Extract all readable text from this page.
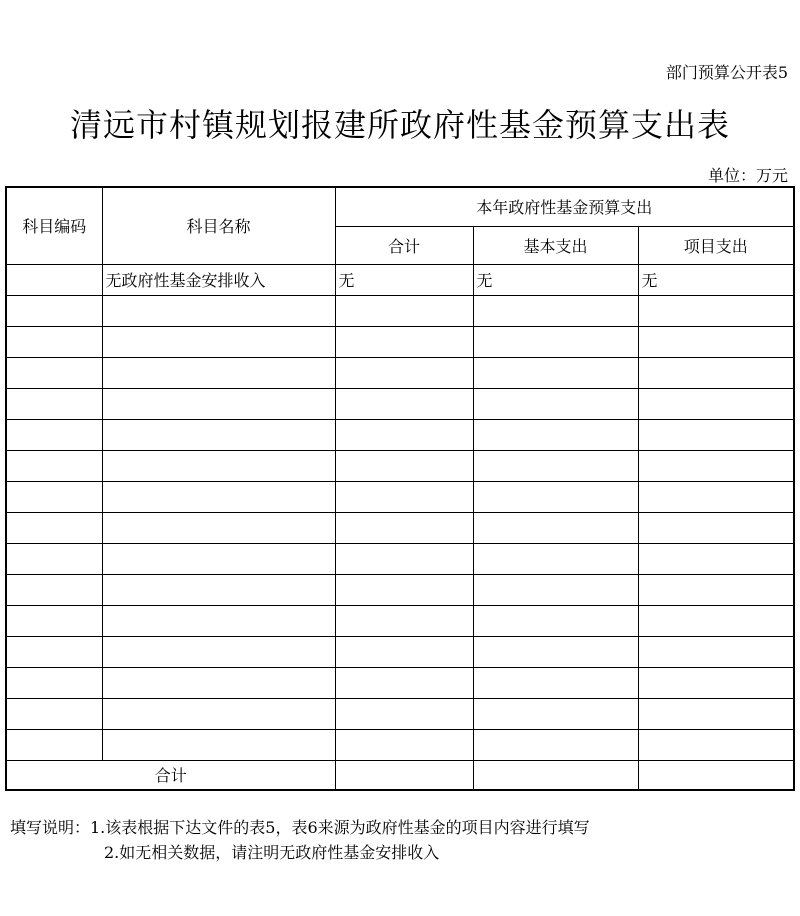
部门预算公开表5
清远市村镇规划报建所政府性基金预算支出表
单位：万元
科目编码	科目名称	本年政府性基金预算支出		
		合计	基本支出	项目支出
	无政府性基金安排收入	无	无	无

合计				
填写说明：1.该表根据下达文件的表5，表6来源为政府性基金的项目内容进行填写
2.如无相关数据，请注明无政府性基金安排收入
